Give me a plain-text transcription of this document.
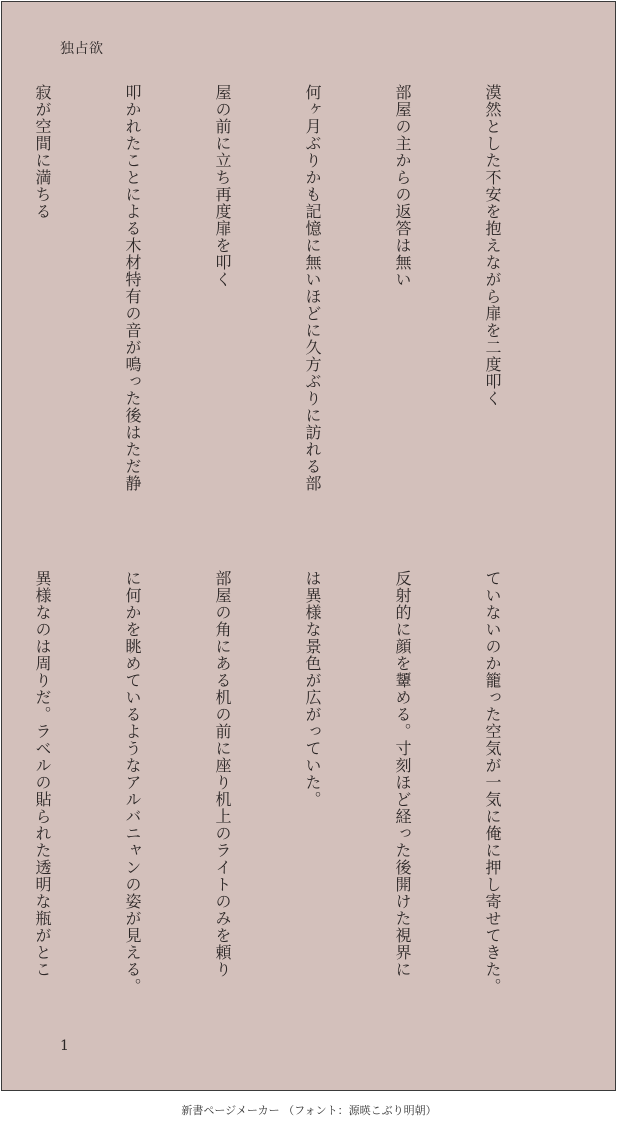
独占欲

漠然とした不安を抱えながら扉を二度叩く

部屋の主からの返答は無い

何ヶ月ぶりかも記憶に無いほどに久方ぶりに訪れる部

屋の前に立ち再度扉を叩く

叩かれたことによる木材特有の音が鳴った後はただ静

寂が空間に満ちる

ていないのか籠った空気が一気に俺に押し寄せてきた。

反射的に顔を顰める。寸刻ほど経った後開けた視界に

は異様な景色が広がっていた。

部屋の角にある机の前に座り机上のライトのみを頼り

に何かを眺めているようなアルバニャンの姿が見える。

異様なのは周りだ。ラベルの貼られた透明な瓶がとこ

1
新書ページメーカー （フォント：源暎こぶり明朝）
